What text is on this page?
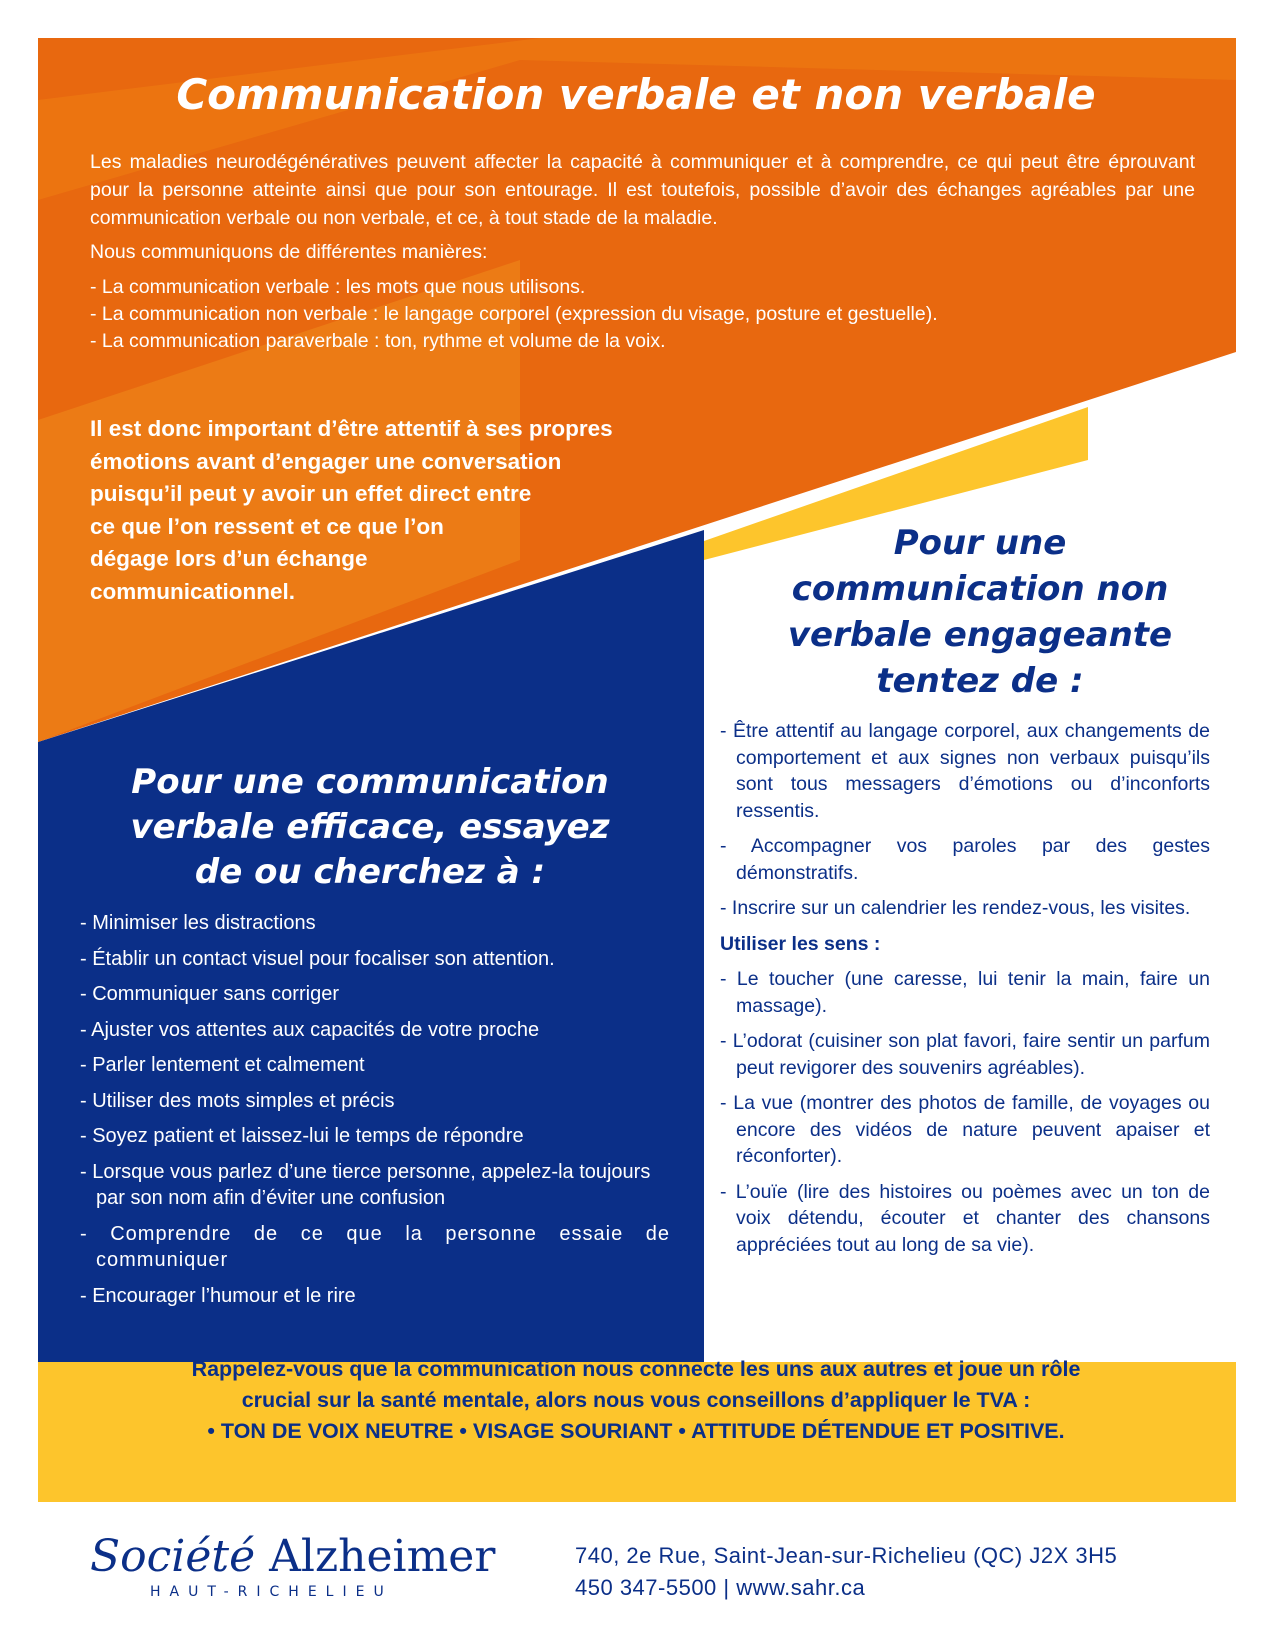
Communication verbale et non verbale

Les maladies neurodégénératives peuvent affecter la capacité à communiquer et à comprendre, ce qui peut être éprouvant pour la personne atteinte ainsi que pour son entourage. Il est toutefois, possible d’avoir des échanges agréables par une communication verbale ou non verbale, et ce, à tout stade de la maladie.

Nous communiquons de différentes manières:

- La communication verbale : les mots que nous utilisons.
- La communication non verbale : le langage corporel (expression du visage, posture et gestuelle).
- La communication paraverbale : ton, rythme et volume de la voix.
Il est donc important d’être attentif à ses propres
émotions avant d’engager une conversation
puisqu’il peut y avoir un effet direct entre
ce que l’on ressent et ce que l’on
dégage lors d’un échange
communicationnel.
Pour une communication
verbale efficace, essayez
de ou cherchez à :
- Minimiser les distractions
- Établir un contact visuel pour focaliser son attention.
- Communiquer sans corriger
- Ajuster vos attentes aux capacités de votre proche
- Parler lentement et calmement
- Utiliser des mots simples et précis
- Soyez patient et laissez-lui le temps de répondre
- Lorsque vous parlez d’une tierce personne, appelez-la toujours par son nom afin d’éviter une confusion
- Comprendre de ce que la personne essaie de communiquer
- Encourager l’humour et le rire
Pour une
communication non
verbale engageante
tentez de :
- Être attentif au langage corporel, aux changements de comportement et aux signes non verbaux puisqu’ils sont tous messagers d’émotions ou d’inconforts ressentis.
- Accompagner vos paroles par des gestes démonstratifs.
- Inscrire sur un calendrier les rendez-vous, les visites.
Utiliser les sens :
- Le toucher (une caresse, lui tenir la main, faire un massage).
- L’odorat (cuisiner son plat favori, faire sentir un parfum peut revigorer des souvenirs agréables).
- La vue (montrer des photos de famille, de voyages ou encore des vidéos de nature peuvent apaiser et réconforter).
- L’ouïe (lire des histoires ou poèmes avec un ton de voix détendu, écouter et chanter des chansons appréciées tout au long de sa vie).
Rappelez-vous que la communication nous connecte les uns aux autres et joue un rôle
crucial sur la santé mentale, alors nous vous conseillons d’appliquer le TVA :
• TON DE VOIX NEUTRE • VISAGE SOURIANT • ATTITUDE DÉTENDUE ET POSITIVE.
Société Alzheimer
HAUT-RICHELIEU
740, 2e Rue, Saint-Jean-sur-Richelieu (QC) J2X 3H5
450 347-5500 | www.sahr.ca
